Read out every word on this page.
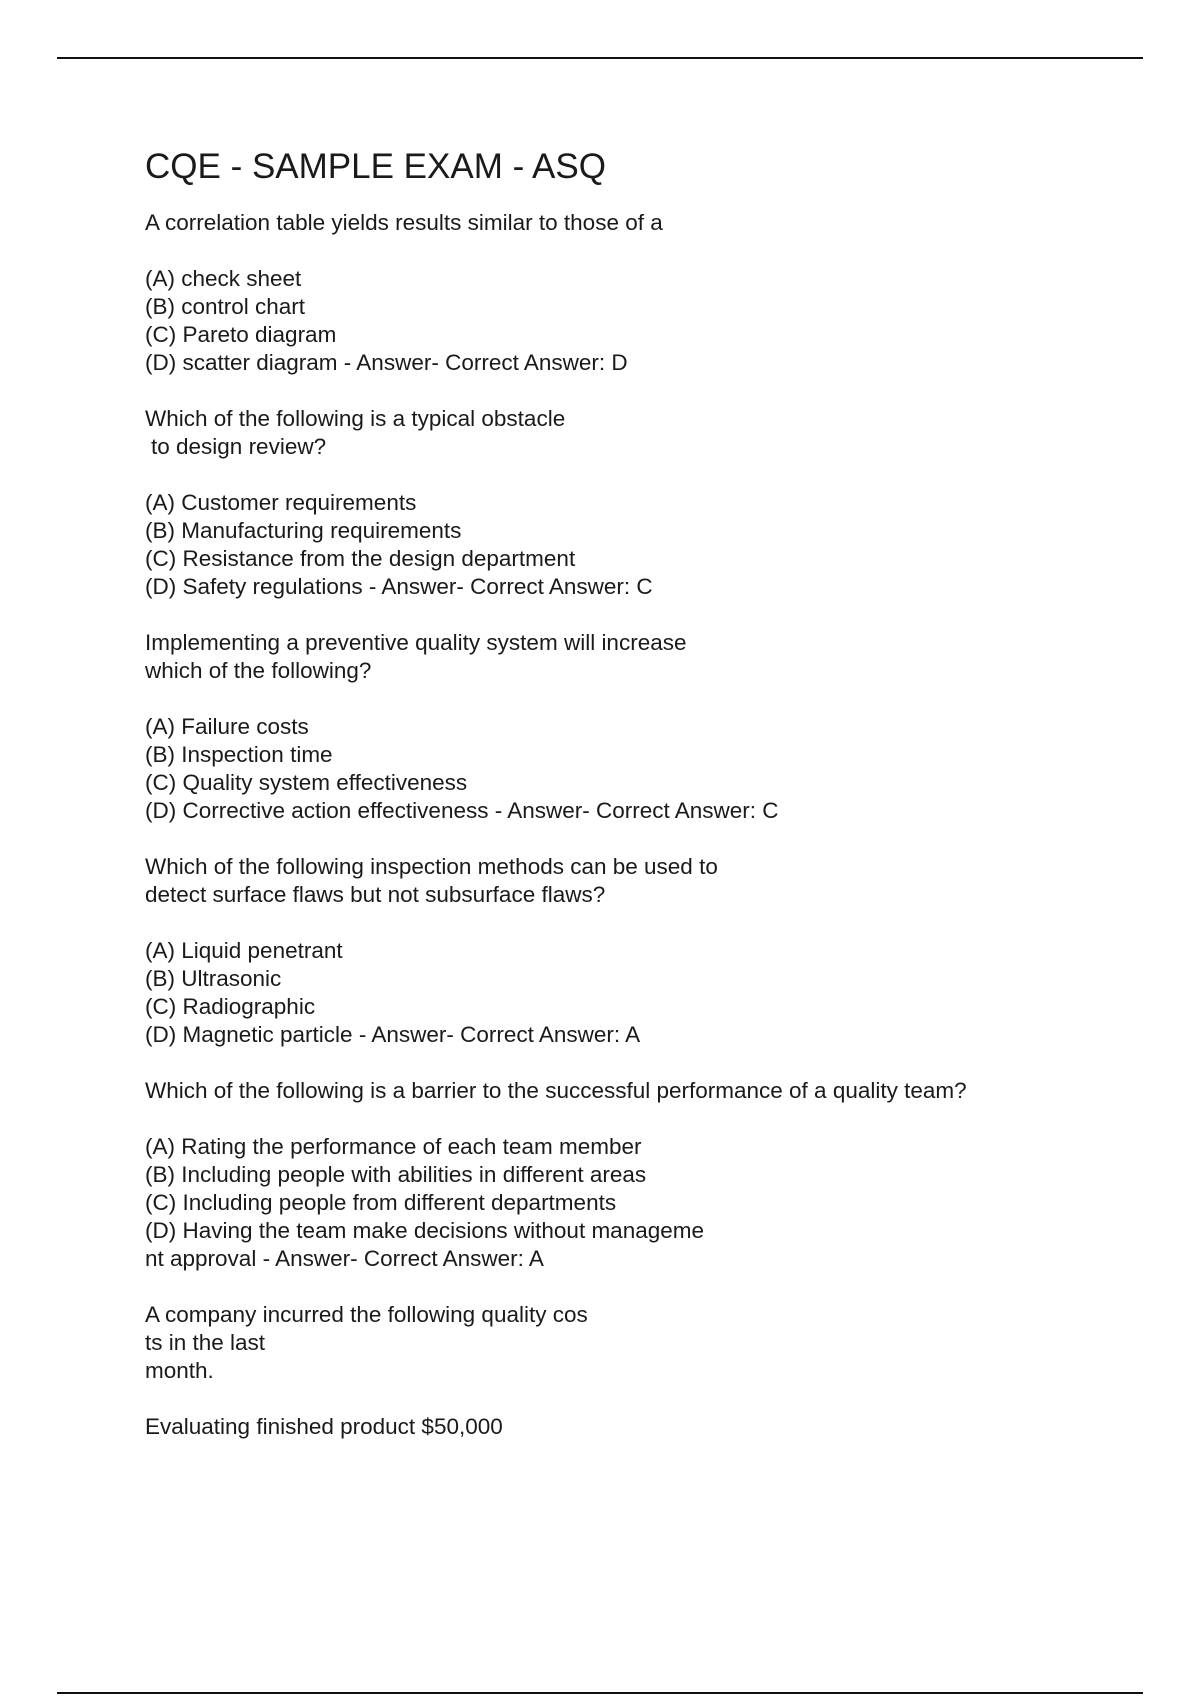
CQE - SAMPLE EXAM - ASQ
A correlation table yields results similar to those of a
(A) check sheet
(B) control chart
(C) Pareto diagram
(D) scatter diagram - Answer- Correct Answer: D
Which of the following is a typical obstacle
to design review?
(A) Customer requirements
(B) Manufacturing requirements
(C) Resistance from the design department
(D) Safety regulations - Answer- Correct Answer: C
Implementing a preventive quality system will increase
which of the following?
(A) Failure costs
(B) Inspection time
(C) Quality system effectiveness
(D) Corrective action effectiveness - Answer- Correct Answer: C
Which of the following inspection methods can be used to
detect surface flaws but not subsurface flaws?
(A) Liquid penetrant
(B) Ultrasonic
(C) Radiographic
(D) Magnetic particle - Answer- Correct Answer: A
Which of the following is a barrier to the successful performance of a quality team?
(A) Rating the performance of each team member
(B) Including people with abilities in different areas
(C) Including people from different departments
(D) Having the team make decisions without manageme
nt approval - Answer- Correct Answer: A
A company incurred the following quality cos
ts in the last
month.
Evaluating finished product $50,000
